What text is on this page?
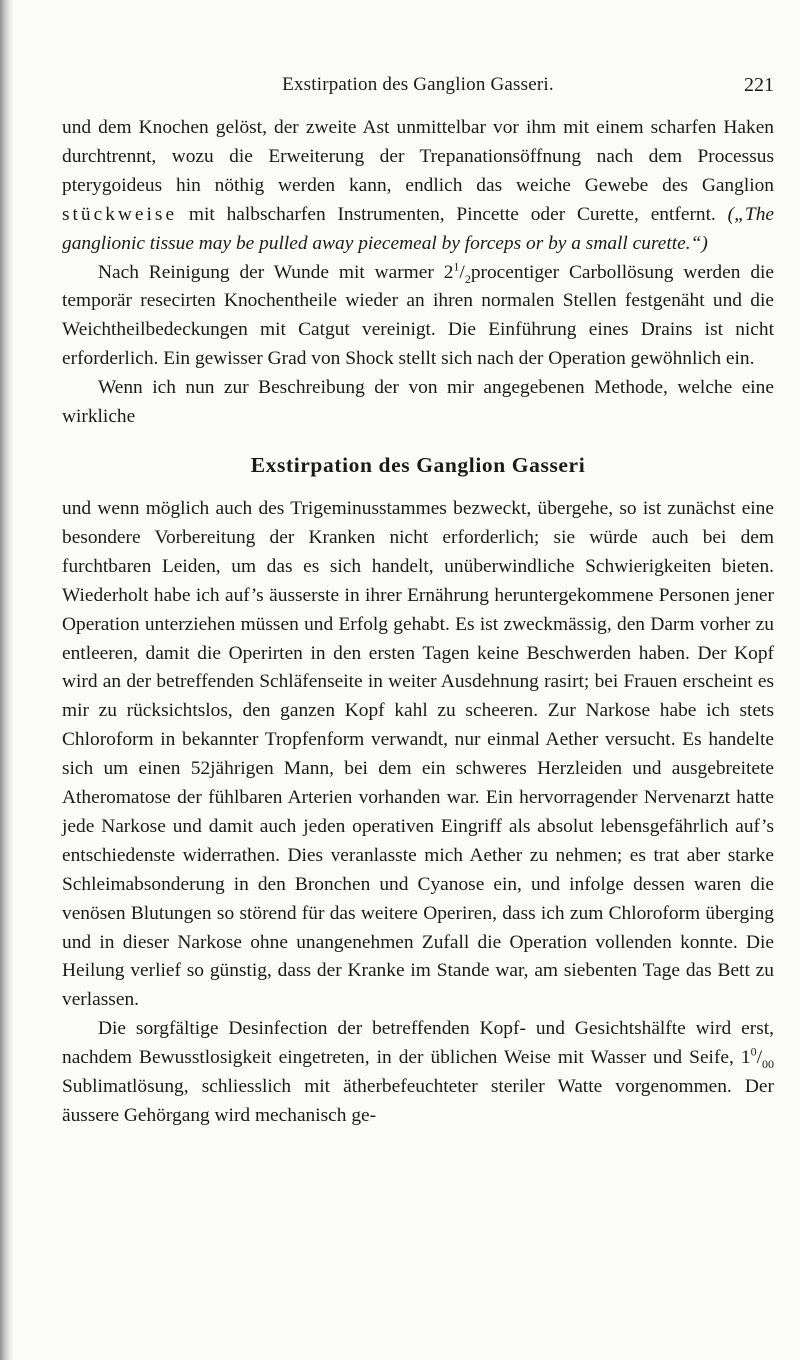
Exstirpation des Ganglion Gasseri.	221

und dem Knochen gelöst, der zweite Ast unmittelbar vor ihm mit einem scharfen Haken durchtrennt, wozu die Erweiterung der Trepanationsöffnung nach dem Processus pterygoideus hin nöthig werden kann, endlich das weiche Gewebe des Ganglion stückweise mit halbscharfen Instrumenten, Pincette oder Curette, entfernt. („The ganglionic tissue may be pulled away piecemeal by forceps or by a small curette.“)

Nach Reinigung der Wunde mit warmer $2^1/_2procentiger$ Carbollösung werden die temporär resecirten Knochentheile wieder an ihren normalen Stellen festgenäht und die Weichtheilbedeckungen mit Catgut vereinigt. Die Einführung eines Drains ist nicht erforderlich. Ein gewisser Grad von Shock stellt sich nach der Operation gewöhnlich ein.

Wenn ich nun zur Beschreibung der von mir angegebenen Methode, welche eine wirkliche

Exstirpation des Ganglion Gasseri

und wenn möglich auch des Trigeminusstammes bezweckt, übergehe, so ist zunächst eine besondere Vorbereitung der Kranken nicht erforderlich; sie würde auch bei dem furchtbaren Leiden, um das es sich handelt, unüberwindliche Schwierigkeiten bieten. Wiederholt habe ich auf’s äusserste in ihrer Ernährung heruntergekommene Personen jener Operation unterziehen müssen und Erfolg gehabt. Es ist zweckmässig, den Darm vorher zu entleeren, damit die Operirten in den ersten Tagen keine Beschwerden haben. Der Kopf wird an der betreffenden Schläfenseite in weiter Ausdehnung rasirt; bei Frauen erscheint es mir zu rücksichtslos, den ganzen Kopf kahl zu scheeren. Zur Narkose habe ich stets Chloroform in bekannter Tropfenform verwandt, nur einmal Aether versucht. Es handelte sich um einen 52jährigen Mann, bei dem ein schweres Herzleiden und ausgebreitete Atheromatose der fühlbaren Arterien vorhanden war. Ein hervorragender Nervenarzt hatte jede Narkose und damit auch jeden operativen Eingriff als absolut lebensgefährlich auf’s entschiedenste widerrathen. Dies veranlasste mich Aether zu nehmen; es trat aber starke Schleimabsonderung in den Bronchen und Cyanose ein, und infolge dessen waren die venösen Blutungen so störend für das weitere Operiren, dass ich zum Chloroform überging und in dieser Narkose ohne unangenehmen Zufall die Operation vollenden konnte. Die Heilung verlief so günstig, dass der Kranke im Stande war, am siebenten Tage das Bett zu verlassen.

Die sorgfältige Desinfection der betreffenden Kopf- und Gesichtshälfte wird erst, nachdem Bewusstlosigkeit eingetreten, in der üblichen Weise mit Wasser und Seife, $1^0/_{00}$ Sublimatlösung, schliesslich mit ätherbefeuchteter steriler Watte vorgenommen. Der äussere Gehörgang wird mechanisch ge-
